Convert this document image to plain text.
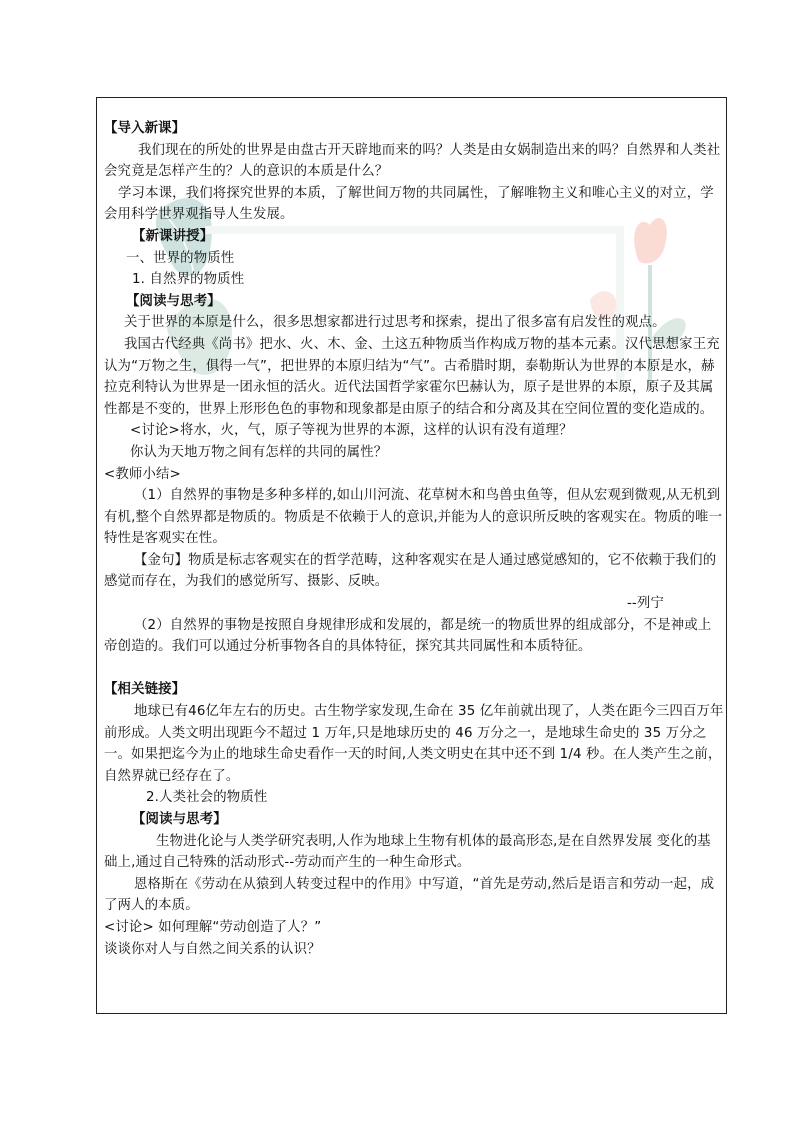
【导入新课】

我们现在的所处的世界是由盘古开天辟地而来的吗？人类是由女娲制造出来的吗？自然界和人类社会究竟是怎样产生的？人的意识的本质是什么？

学习本课，我们将探究世界的本质，了解世间万物的共同属性，了解唯物主义和唯心主义的对立，学会用科学世界观指导人生发展。

【新课讲授】

一、世界的物质性

1. 自然界的物质性

【阅读与思考】

关于世界的本原是什么，很多思想家都进行过思考和探索，提出了很多富有启发性的观点。

我国古代经典《尚书》把水、火、木、金、土这五种物质当作构成万物的基本元素。汉代思想家王充认为“万物之生，俱得一气”，把世界的本原归结为“气”。古希腊时期，泰勒斯认为世界的本原是水，赫拉克利特认为世界是一团永恒的活火。近代法国哲学家霍尔巴赫认为，原子是世界的本原，原子及其属性都是不变的，世界上形形色色的事物和现象都是由原子的结合和分离及其在空间位置的变化造成的。

<讨论>将水，火，气，原子等视为世界的本源，这样的认识有没有道理？

你认为天地万物之间有怎样的共同的属性？

<教师小结>

（1）自然界的事物是多种多样的,如山川河流、花草树木和鸟兽虫鱼等，但从宏观到微观,从无机到有机,整个自然界都是物质的。物质是不依赖于人的意识,并能为人的意识所反映的客观实在。物质的唯一特性是客观实在性。

【金句】物质是标志客观实在的哲学范畴，这种客观实在是人通过感觉感知的，它不依赖于我们的感觉而存在，为我们的感觉所写、摄影、反映。

--列宁

（2）自然界的事物是按照自身规律形成和发展的，都是统一的物质世界的组成部分，不是神或上帝创造的。我们可以通过分析事物各自的具体特征，探究其共同属性和本质特征。

【相关链接】

地球已有46亿年左右的历史。古生物学家发现,生命在 35 亿年前就出现了，人类在距今三四百万年前形成。人类文明出现距今不超过 1 万年,只是地球历史的 46 万分之一，是地球生命史的 35 万分之一。如果把迄今为止的地球生命史看作一天的时间,人类文明史在其中还不到 1/4 秒。在人类产生之前，自然界就已经存在了。

2.人类社会的物质性

【阅读与思考】

生物进化论与人类学研究表明,人作为地球上生物有机体的最高形态,是在自然界发展 变化的基础上,通过自己特殊的活动形式--劳动而产生的一种生命形式。

恩格斯在《劳动在从猿到人转变过程中的作用》中写道，“首先是劳动,然后是语言和劳动一起，成了两人的本质。

<讨论> 如何理解“劳动创造了人？”

谈谈你对人与自然之间关系的认识？
